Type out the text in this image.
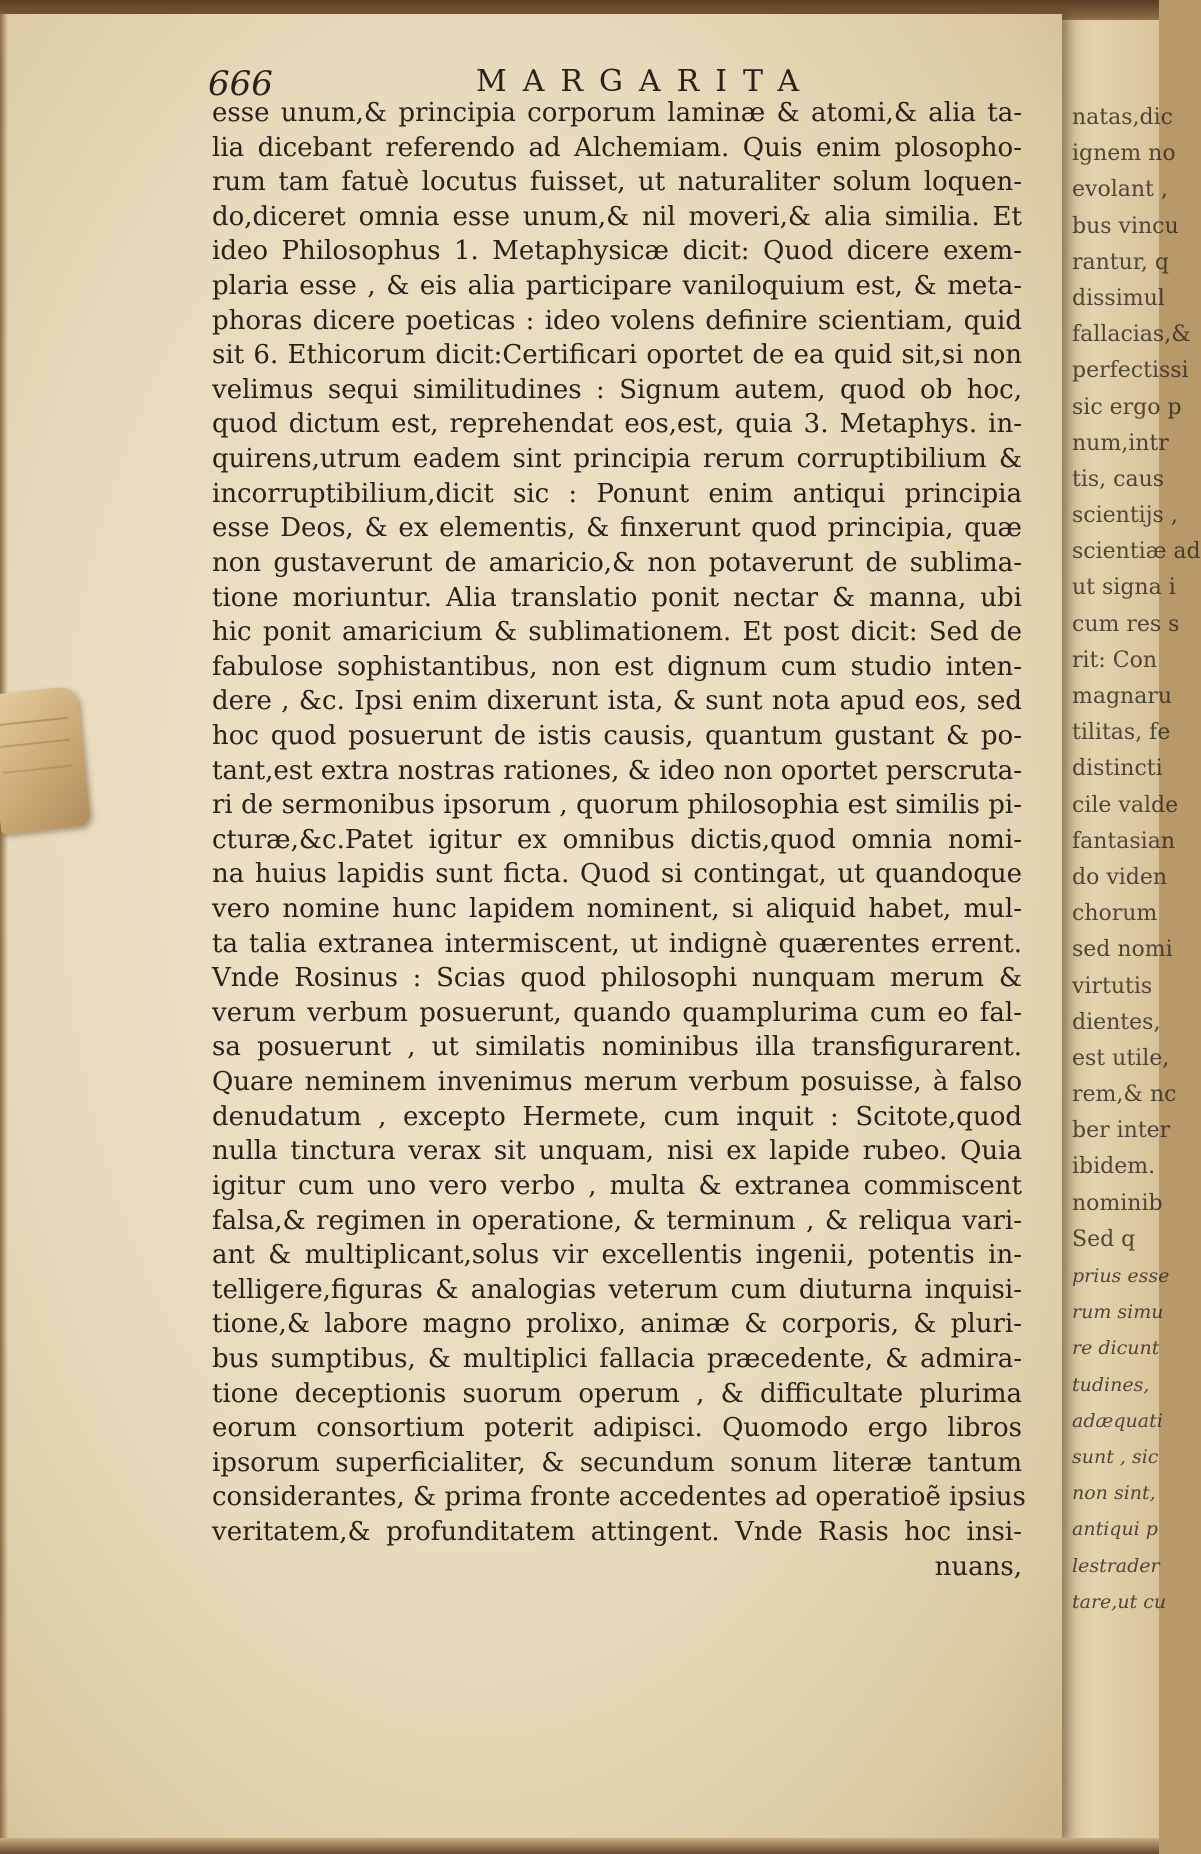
natas,dic
ignem no
evolant ,
bus vincu
rantur, q
dissimul
fallacias,&
perfectissi
sic ergo p
num,intr
tis, caus
scientijs ,
scientiæ ad
ut signa i
cum res s
rit: Con
magnaru
tilitas, fe
distincti
cile valde
fantasian
do viden
chorum
sed nomi
virtutis
dientes,
est utile,
rem,& nc
ber inter
ibidem.
nominib
Sed q
prius esse
rum simu
re dicunt
tudines,
adæquati
sunt , sic
non sint,
antiqui p
lestrader
tare,ut cu
666	MARGARITA
esse unum,& principia corporum laminæ & atomi,& alia ta-
lia dicebant referendo ad Alchemiam. Quis enim plosopho-
rum tam fatuè locutus fuisset, ut naturaliter solum loquen-
do,diceret omnia esse unum,& nil moveri,& alia similia. Et
ideo Philosophus 1. Metaphysicæ dicit: Quod dicere exem-
plaria esse , & eis alia participare vaniloquium est, & meta-
phoras dicere poeticas : ideo volens definire scientiam, quid
sit 6. Ethicorum dicit:Certificari oportet de ea quid sit,si non
velimus sequi similitudines : Signum autem, quod ob hoc,
quod dictum est, reprehendat eos,est, quia 3. Metaphys. in-
quirens,utrum eadem sint principia rerum corruptibilium &
incorruptibilium,dicit sic : Ponunt enim antiqui principia
esse Deos, & ex elementis, & finxerunt quod principia, quæ
non gustaverunt de amaricio,& non potaverunt de sublima-
tione moriuntur. Alia translatio ponit nectar & manna, ubi
hic ponit amaricium & sublimationem. Et post dicit: Sed de
fabulose sophistantibus, non est dignum cum studio inten-
dere , &c. Ipsi enim dixerunt ista, & sunt nota apud eos, sed
hoc quod posuerunt de istis causis, quantum gustant & po-
tant,est extra nostras rationes, & ideo non oportet perscruta-
ri de sermonibus ipsorum , quorum philosophia est similis pi-
cturæ,&c.Patet igitur ex omnibus dictis,quod omnia nomi-
na huius lapidis sunt ficta. Quod si contingat, ut quandoque
vero nomine hunc lapidem nominent, si aliquid habet, mul-
ta talia extranea intermiscent, ut indignè quærentes errent.
Vnde Rosinus : Scias quod philosophi nunquam merum &
verum verbum posuerunt, quando quamplurima cum eo fal-
sa posuerunt , ut similatis nominibus illa transfigurarent.
Quare neminem invenimus merum verbum posuisse, à falso
denudatum , excepto Hermete, cum inquit : Scitote,quod
nulla tinctura verax sit unquam, nisi ex lapide rubeo. Quia
igitur cum uno vero verbo , multa & extranea commiscent
falsa,& regimen in operatione, & terminum , & reliqua vari-
ant & multiplicant,solus vir excellentis ingenii, potentis in-
telligere,figuras & analogias veterum cum diuturna inquisi-
tione,& labore magno prolixo, animæ & corporis, & pluri-
bus sumptibus, & multiplici fallacia præcedente, & admira-
tione deceptionis suorum operum , & difficultate plurima
eorum consortium poterit adipisci. Quomodo ergo libros
ipsorum superficialiter, & secundum sonum literæ tantum
considerantes, & prima fronte accedentes ad operatioẽ ipsius
veritatem,& profunditatem attingent. Vnde Rasis hoc insi-
nuans,
